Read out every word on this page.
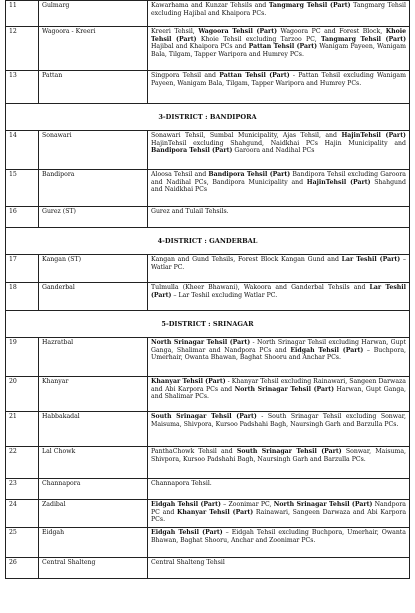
11	Gulmarg	Kawarhama and Kunzar Tehsils and Tangmarg Tehsil (Part) Tangmarg Tehsil excluding Hajibal and Khaipora PCs.
12	Wagoora - Kreeri	Kreeri Tehsil, Wagoora Tehsil (Part) Wagoora PC and Forest Block, Khoie Tehsil (Part) Khoie Tehsil excluding Tarzoo PC, Tangmarg Tehsil (Part) Hajibal and Khaipora PCs and Pattan Tehsil (Part) Wanigam Payeen, Wanigam Bala, Tilgam, Tapper Waripora and Humrey PCs.
13	Pattan	Singpora Tehsil and Pattan Tehsil (Part) - Pattan Tehsil excluding Wanigam Payeen, Wanigam Bala, Tilgam, Tapper Waripora and Humrey PCs.
3-DISTRICT : BANDIPORA		
14	Sonawari	Sonawari Tehsil, Sumbal Municipality, Ajas Tehsil, and HajinTehsil (Part) HajinTehsil excluding Shahgund, Naidkhai PCs Hajin Municipality and Bandipora Tehsil (Part) Garoora and Nadihal PCs
15	Bandipora	Aloosa Tehsil and Bandipora Tehsil (Part) Bandipora Tehsil excluding Garoora and Nadihal PCs, Bandipora Municipality and HajinTehsil (Part) Shahgund and Naidkhai PCs
16	Gurez (ST)	Gurez and Tulail Tehsils.
4-DISTRICT : GANDERBAL		
17	Kangan (ST)	Kangan and Gund Tehsils, Forest Block Kangan Gund and Lar Teshil (Part) – Watlar PC.
18	Ganderbal	Tulmulla (Kheer Bhawani), Wakoora and Ganderbal Tehsils and Lar Teshil (Part) – Lar Teshil excluding Watlar PC.
5-DISTRICT : SRINAGAR		
19	Hazratbal	North Srinagar Tehsil (Part) - North Srinagar Tehsil excluding Harwan, Gupt Ganga, Shalimar and Nandpora PCs and Eidgah Tehsil (Part) – Buchpora, Umerhair, Owanta Bhawan, Baghat Shooru and Anchar PCs.
20	Khanyar	Khanyar Tehsil (Part) - Khanyar Tehsil excluding Rainawari, Sangeen Darwaza and Abi Karpora PCs and North Srinagar Tehsil (Part) Harwan, Gupt Ganga, and Shalimar PCs.
21	Habbakadal	South Srinagar Tehsil (Part) - South Srinagar Tehsil excluding Sonwar, Maisuma, Shivpora, Kursoo Padshahi Bagh, Naursingh Garh and Barzulla PCs.
22	Lal Chowk	PanthaChowk Tehsil and South Srinagar Tehsil (Part) Sonwar, Maisuma, Shivpora, Kursoo Padshahi Bagh, Naursingh Garh and Barzulla PCs.
23	Channapora	Channapora Tehsil.
24	Zadibal	Eidgah Tehsil (Part) – Zoonimar PC, North Srinagar Tehsil (Part) Nandpora PC and Khanyar Tehsil (Part) Rainawari, Sangeen Darwaza and Abi Karpora PCs.
25	Eidgah	Eidgah Tehsil (Part) – Eidgah Tehsil excluding Buchpora, Umerhair, Owanta Bhawan, Baghat Shooru, Anchar and Zoonimar PCs.
26	Central Shalteng	Central Shalteng Tehsil
